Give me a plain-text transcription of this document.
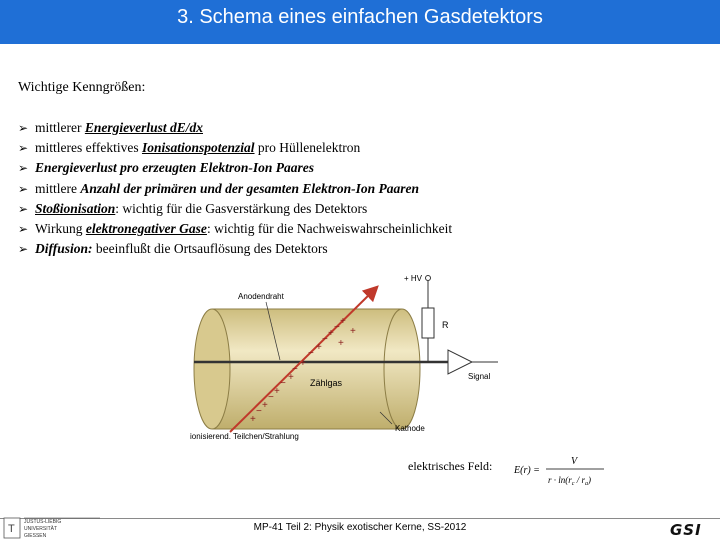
3. Schema eines einfachen Gasdetektors
Wichtige Kenngrößen:
➢ mittlerer Energieverlust dE/dx
➢ mittleres effektives Ionisationspotenzial pro Hüllenelektron
➢ Energieverlust pro erzeugten Elektron-Ion Paares
➢ mittlere Anzahl der primären und der gesamten Elektron-Ion Paaren
➢ Stoßionisation: wichtig für die Gasverstärkung des Detektors
➢ Wirkung elektronegativer Gase: wichtig für die Nachweiswahrscheinlichkeit
➢ Diffusion: beeinflußt die Ortsauflösung des Detektors
+
+
+
+
+
+
+
+
+
+
−
−
−
−
−
−
−
Anodendraht
+ HV
R
Signal
Zählgas
Kathode
ionisierend. Teilchen/Strahlung
elektrisches Feld: E(r) =
V
$r \cdot \ln(r_c / r_a)$
T
JUSTUS-LIEBIG
UNIVERSITÄT
GIESSEN
MP-41 Teil 2: Physik exotischer Kerne, SS-2012	GSI
